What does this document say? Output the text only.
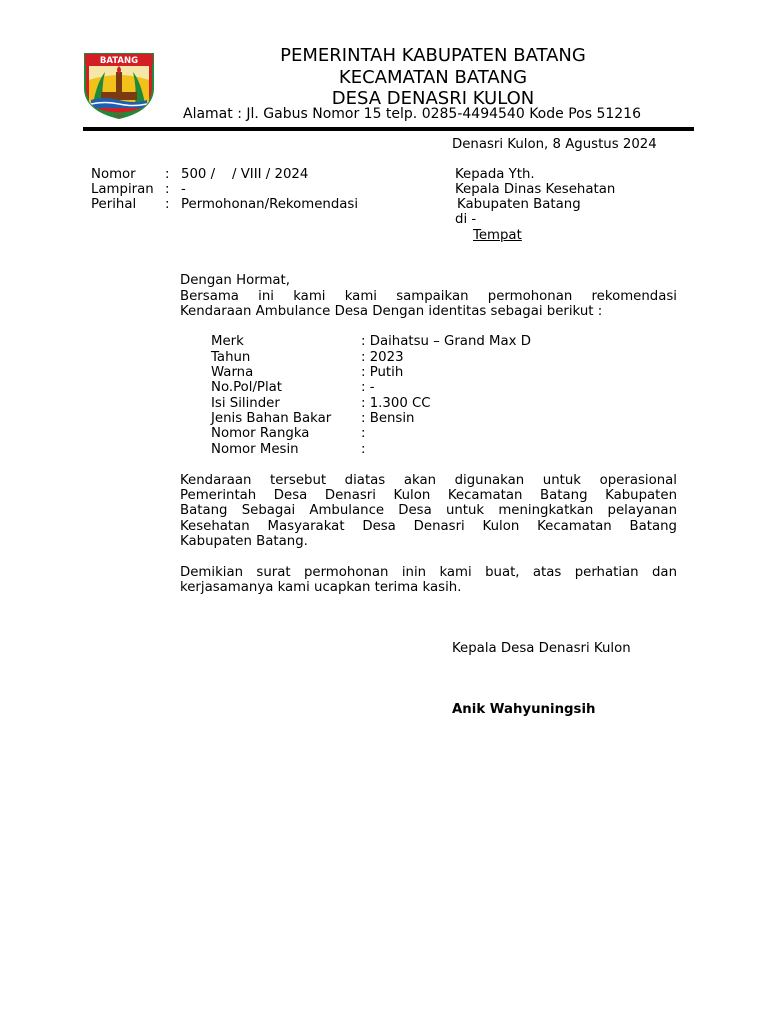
BATANG	PEMERINTAH KABUPATEN BATANG
KECAMATAN BATANG
DESA DENASRI KULON
Alamat : Jl. Gabus Nomor 15 telp. 0285-4494540 Kode Pos 51216
Denasri Kulon, 8 Agustus 2024
Nomor : 500 /    / VIII / 2024
Lampiran : -
Perihal : Permohonan/Rekomendasi
Kepada Yth.
Kepala Dinas Kesehatan
Kabupaten Batang
di -
Tempat
Dengan Hormat,
Bersama ini kami kami sampaikan permohonan rekomendasi
Kendaraan Ambulance Desa Dengan identitas sebagai berikut :
Merk	: Daihatsu – Grand Max D
Tahun	: 2023
Warna	: Putih
No.Pol/Plat	: -
Isi Silinder	: 1.300 CC
Jenis Bahan Bakar : Bensin
Nomor Rangka	:
Nomor Mesin	:
Kendaraan tersebut diatas akan digunakan untuk operasional
Pemerintah Desa Denasri Kulon Kecamatan Batang Kabupaten
Batang Sebagai Ambulance Desa untuk meningkatkan pelayanan
Kesehatan Masyarakat Desa Denasri Kulon Kecamatan Batang
Kabupaten Batang.
Demikian surat permohonan inin kami buat, atas perhatian dan
kerjasamanya kami ucapkan terima kasih.
Kepala Desa Denasri Kulon
Anik Wahyuningsih
